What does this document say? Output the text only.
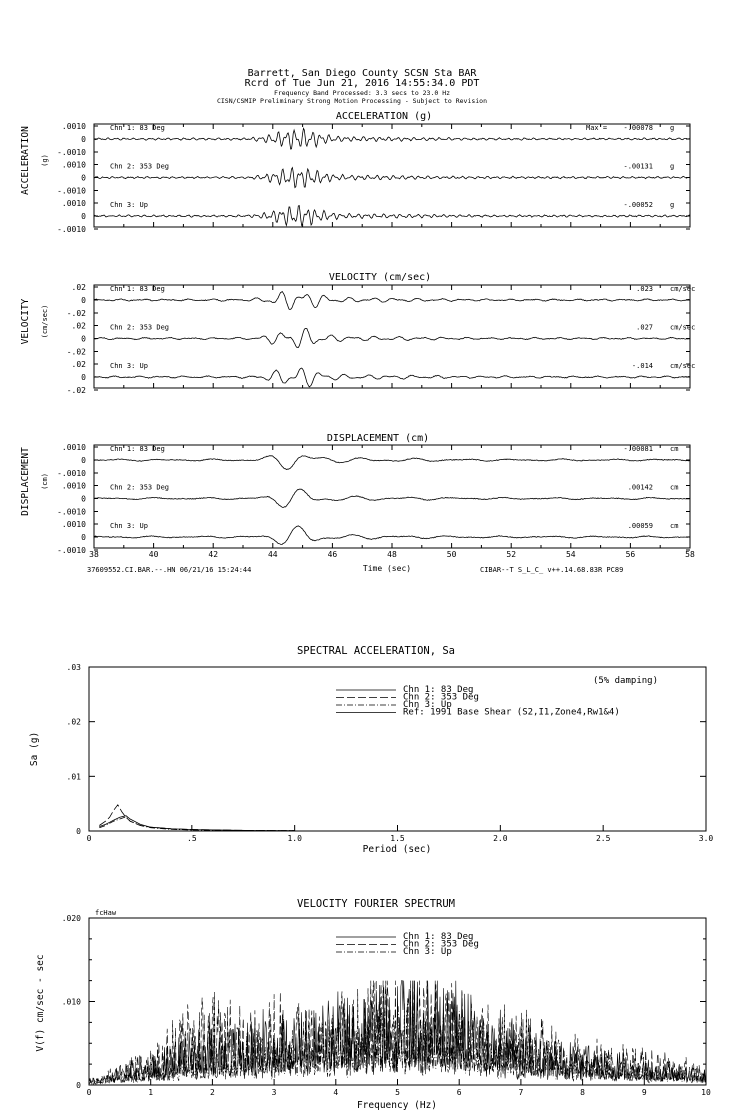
Barrett, San Diego County SCSN Sta BAR
Rcrd of Tue Jun 21, 2016 14:55:34.0 PDT
Frequency Band Processed: 3.3 secs to 23.0 Hz
CISN/CSMIP Preliminary Strong Motion Processing - Subject to Revision
ACCELERATION (g)
ACCELERATION (g)
.0010
0
-.0010
Chn 1: 83 Deg	Max = -.00078 g
.0010
0
-.0010
Chn 2: 353 Deg	-.00131 g
.0010
0
-.0010
Chn 3: Up	-.00052 g
VELOCITY (cm/sec)
VELOCITY (cm/sec)
.02
0
-.02
Chn 1: 83 Deg	.023 cm/sec
.02
0
-.02
Chn 2: 353 Deg	.027 cm/sec
.02
0
-.02
Chn 3: Up	-.014 cm/sec
DISPLACEMENT (cm)
DISPLACEMENT (cm)
.0010
0
-.0010
Chn 1: 83 Deg	-.00081 cm
.0010
0
-.0010
Chn 2: 353 Deg	.00142 cm
.0010
0
-.0010
Chn 3: Up	.00059 cm
38	40	42	44	46	48	50	52	54	56	58
Time (sec)
37609552.CI.BAR.--.HN 06/21/16 15:24:44	CIBAR--T S_L_C_ v++.14.68.83R PC89
SPECTRAL ACCELERATION, Sa
(5% damping)
Sa (g)
Period (sec)
0	.5	1.0	1.5	2.0	2.5	3.0
0
.01
.02
.03
Chn 1: 83 Deg
Chn 2: 353 Deg
Chn 3: Up
Ref: 1991 Base Shear (S2,I1,Zone4,Rw1&4)
VELOCITY FOURIER SPECTRUM
fcHaw
V(f) cm/sec - sec
Frequency (Hz)
0	1	2	3	4	5	6	7	8	9	10
0
.010
.020
Chn 1: 83 Deg
Chn 2: 353 Deg
Chn 3: Up
